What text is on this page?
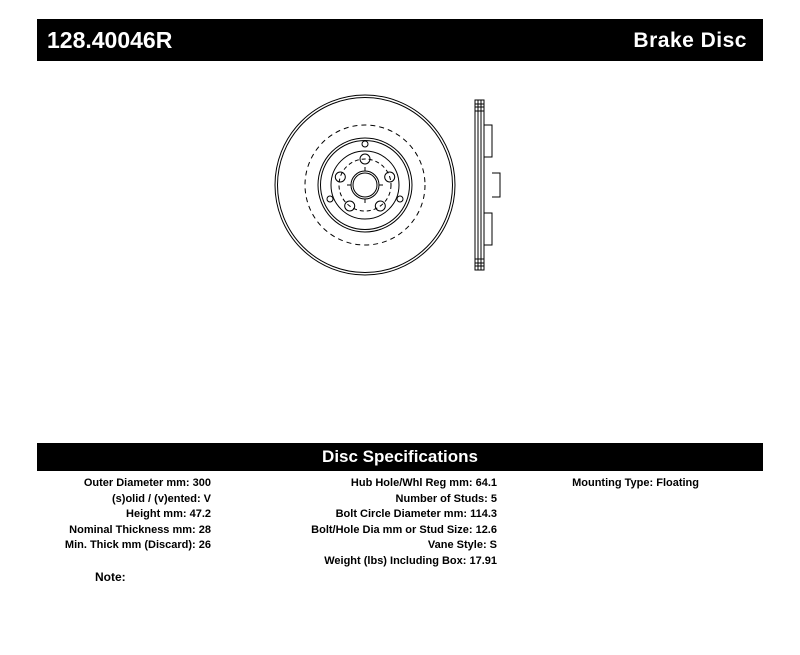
128.40046R	Brake Disc
Disc Specifications
Outer Diameter mm: 300
(s)olid / (v)ented: V
Height mm: 47.2
Nominal Thickness mm: 28
Min. Thick mm (Discard): 26
Hub Hole/Whl Reg mm: 64.1
Number of Studs: 5
Bolt Circle Diameter mm: 114.3
Bolt/Hole Dia mm or Stud Size: 12.6
Vane Style: S
Weight (lbs) Including Box: 17.91
Mounting Type: Floating
Note:
